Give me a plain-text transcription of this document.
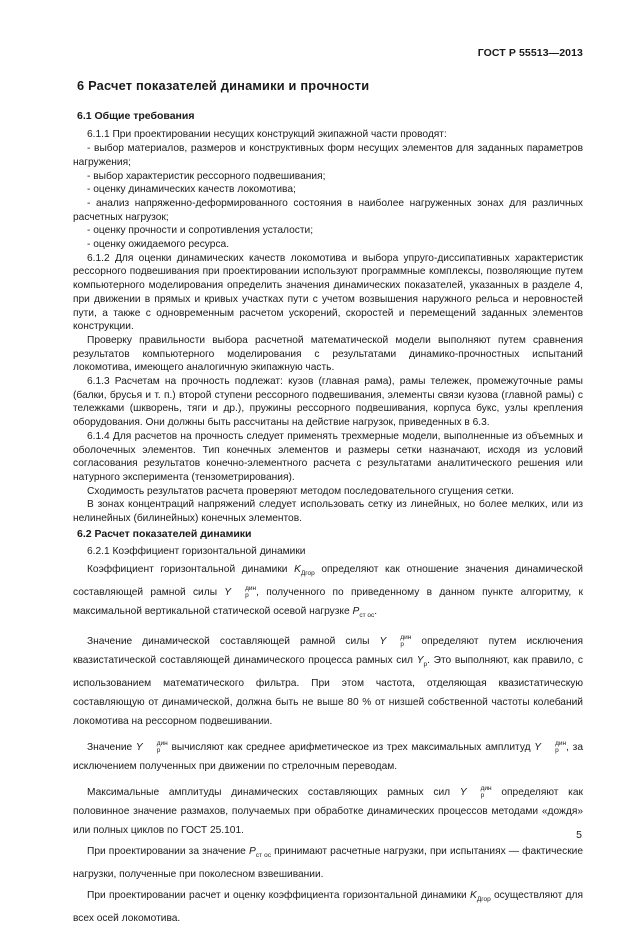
ГОСТ Р 55513—2013
6 Расчет показателей динамики и прочности
6.1 Общие требования

6.1.1 При проектировании несущих конструкций экипажной части проводят:

- выбор материалов, размеров и конструктивных форм несущих элементов для заданных параметров нагружения;

- выбор характеристик рессорного подвешивания;

- оценку динамических качеств локомотива;

- анализ напряженно-деформированного состояния в наиболее нагруженных зонах для различных расчетных нагрузок;

- оценку прочности и сопротивления усталости;

- оценку ожидаемого ресурса.

6.1.2 Для оценки динамических качеств локомотива и выбора упруго-диссипативных характеристик рессорного подвешивания при проектировании используют программные комплексы, позволяющие путем компьютерного моделирования определить значения динамических показателей, указанных в разделе 4, при движении в прямых и кривых участках пути с учетом возвышения наружного рельса и неровностей пути, а также с одновременным расчетом ускорений, скоростей и перемещений заданных элементов конструкции.

Проверку правильности выбора расчетной математической модели выполняют путем сравнения результатов компьютерного моделирования с результатами динамико-прочностных испытаний локомотива, имеющего аналогичную экипажную часть.

6.1.3 Расчетам на прочность подлежат: кузов (главная рама), рамы тележек, промежуточные рамы (балки, брусья и т. п.) второй ступени рессорного подвешивания, элементы связи кузова (главной рамы) с тележками (шкворень, тяги и др.), пружины рессорного подвешивания, корпуса букс, узлы крепления оборудования. Они должны быть рассчитаны на действие нагрузок, приведенных в 6.3.

6.1.4 Для расчетов на прочность следует применять трехмерные модели, выполненные из объемных и оболочечных элементов. Тип конечных элементов и размеры сетки назначают, исходя из условий согласования результатов конечно-элементного расчета с результатами аналитического решения или натурного эксперимента (тензометрирования).

Сходимость результатов расчета проверяют методом последовательного сгущения сетки.

В зонах концентраций напряжений следует использовать сетку из линейных, но более мелких, или из нелинейных (билинейных) конечных элементов.

6.2 Расчет показателей динамики

6.2.1 Коэффициент горизонтальной динамики

Коэффициент горизонтальной динамики $K_{Дгор}$ определяют как отношение значения динамической составляющей рамной силы Y	дин
р , полученного по приведенному в данном пункте алгоритму, к максимальной вертикальной статической осевой нагрузке $P_{ст ос}$.

Значение динамической составляющей рамной силы Y	дин
р определяют путем исключения квазистатической составляющей динамического процесса рамных сил $Y_р$. Это выполняют, как правило, с использованием математического фильтра. При этом частота, отделяющая квазистатическую составляющую от динамической, должна быть не выше 80 % от низшей собственной частоты колебаний локомотива на рессорном подвешивании.

Значение Y	дин
р вычисляют как среднее арифметическое из трех максимальных амплитуд Y	дин
р , за исключением полученных при движении по стрелочным переводам.

Максимальные амплитуды динамических составляющих рамных сил Y	дин
р определяют как половинное значение размахов, получаемых при обработке динамических процессов методами «дождя» или полных циклов по ГОСТ 25.101.

При проектировании за значение $P_{ст ос}$ принимают расчетные нагрузки, при испытаниях — фактические нагрузки, полученные при поколесном взвешивании.

При проектировании расчет и оценку коэффициента горизонтальной динамики $K_{Дгор}$ осуществляют для всех осей локомотива.

5
